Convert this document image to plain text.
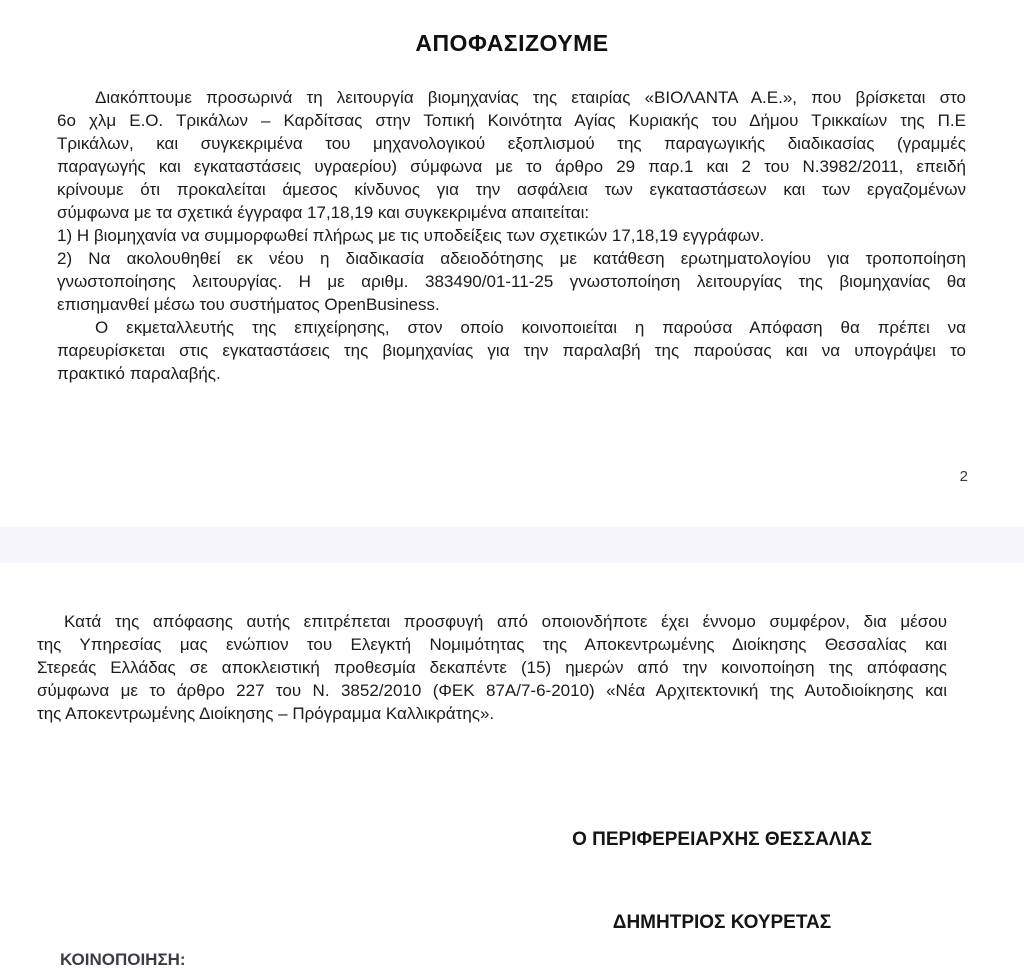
ΑΠΟΦΑΣΙΖΟΥΜΕ
Διακόπτουμε προσωρινά τη λειτουργία βιομηχανίας της εταιρίας «ΒΙΟΛΑΝΤΑ Α.Ε.», που βρίσκεται στο
6ο χλμ Ε.Ο. Τρικάλων – Καρδίτσας στην Τοπική Κοινότητα Αγίας Κυριακής του Δήμου Τρικκαίων της Π.Ε
Τρικάλων, και συγκεκριμένα του μηχανολογικού εξοπλισμού της παραγωγικής διαδικασίας (γραμμές
παραγωγής και εγκαταστάσεις υγραερίου) σύμφωνα με το άρθρο 29 παρ.1 και 2 του Ν.3982/2011, επειδή
κρίνουμε ότι προκαλείται άμεσος κίνδυνος για την ασφάλεια των εγκαταστάσεων και των εργαζομένων
σύμφωνα με τα σχετικά έγγραφα 17,18,19 και συγκεκριμένα απαιτείται:
1) Η βιομηχανία να συμμορφωθεί πλήρως με τις υποδείξεις των σχετικών 17,18,19 εγγράφων.
2) Να ακολουθηθεί εκ νέου η διαδικασία αδειοδότησης με κατάθεση ερωτηματολογίου για τροποποίηση
γνωστοποίησης λειτουργίας. Η με αριθμ. 383490/01-11-25 γνωστοποίηση λειτουργίας της βιομηχανίας θα
επισημανθεί μέσω του συστήματος OpenBusiness.
Ο εκμεταλλευτής της επιχείρησης, στον οποίο κοινοποιείται η παρούσα Απόφαση θα πρέπει να
παρευρίσκεται στις εγκαταστάσεις της βιομηχανίας για την παραλαβή της παρούσας και να υπογράψει το
πρακτικό παραλαβής.
2
Κατά της απόφασης αυτής επιτρέπεται προσφυγή από οποιονδήποτε έχει έννομο συμφέρον, δια μέσου
της Υπηρεσίας μας ενώπιον του Ελεγκτή Νομιμότητας της Αποκεντρωμένης Διοίκησης Θεσσαλίας και
Στερεάς Ελλάδας σε αποκλειστική προθεσμία δεκαπέντε (15) ημερών από την κοινοποίηση της απόφασης
σύμφωνα με το άρθρο 227 του Ν. 3852/2010 (ΦΕΚ 87Α/7-6-2010) «Νέα Αρχιτεκτονική της Αυτοδιοίκησης και
της Αποκεντρωμένης Διοίκησης – Πρόγραμμα Καλλικράτης».
Ο ΠΕΡΙΦΕΡΕΙΑΡΧΗΣ ΘΕΣΣΑΛΙΑΣ
ΔΗΜΗΤΡΙΟΣ ΚΟΥΡΕΤΑΣ
ΚΟΙΝΟΠΟΙΗΣΗ:
